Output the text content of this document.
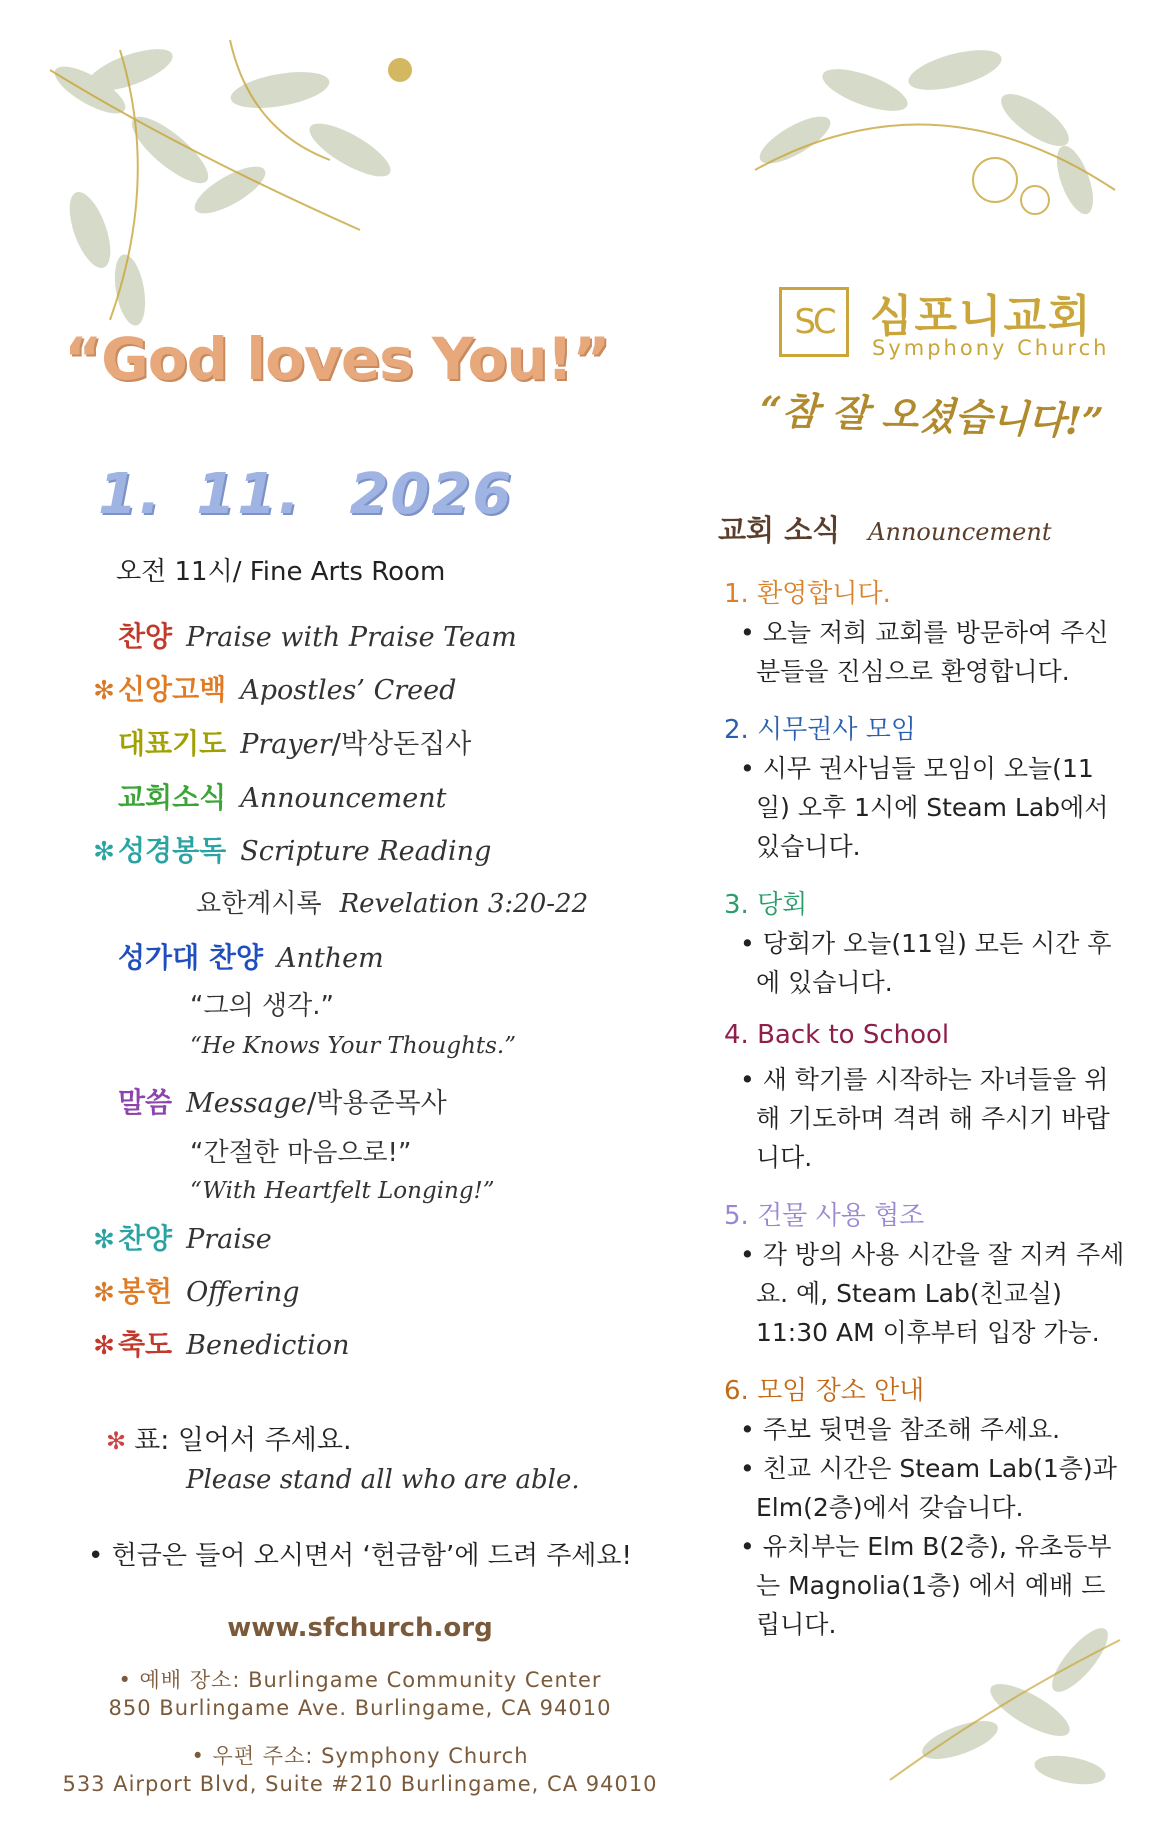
“God loves You!”
1. 11. 2026
오전 11시/ Fine Arts Room
찬양 Praise with Praise Team
✻ 신앙고백 Apostles’ Creed
대표기도 Prayer / 박상돈집사
교회소식 Announcement
✻ 성경봉독 Scripture Reading
요한계시록 Revelation 3:20-22
성가대 찬양 Anthem
“그의 생각.”
“He Knows Your Thoughts.”
말씀 Message / 박용준목사
“간절한 마음으로!”
“With Heartfelt Longing!”
✻ 찬양 Praise
✻ 봉헌 Offering
✻ 축도 Benediction
✻ 표: 일어서 주세요.
Please stand all who are able.
• 헌금은 들어 오시면서 ‘헌금함’에 드려 주세요!
www.sfchurch.org
• 예배 장소: Burlingame Community Center
850 Burlingame Ave. Burlingame, CA 94010
• 우편 주소: Symphony Church
533 Airport Blvd, Suite #210 Burlingame, CA 94010
SC 심포니교회
Symphony Church
“참 잘 오셨습니다!”
교회 소식 Announcement
1. 환영합니다.
• 오늘 저희 교회를 방문하여 주신
분들을 진심으로 환영합니다.
2. 시무권사 모임
• 시무 권사님들 모임이 오늘(11
일) 오후 1시에 Steam Lab에서
있습니다.
3. 당회
• 당회가 오늘(11일) 모든 시간 후
에 있습니다.
4. Back to School
• 새 학기를 시작하는 자녀들을 위
해 기도하며 격려 해 주시기 바랍
니다.
5. 건물 사용 협조
• 각 방의 사용 시간을 잘 지켜 주세
요. 예, Steam Lab(친교실)
11:30 AM 이후부터 입장 가능.
6. 모임 장소 안내
• 주보 뒷면을 참조해 주세요.
• 친교 시간은 Steam Lab(1층)과
Elm(2층)에서 갖습니다.
• 유치부는 Elm B(2층), 유초등부
는 Magnolia(1층) 에서 예배 드
립니다.
